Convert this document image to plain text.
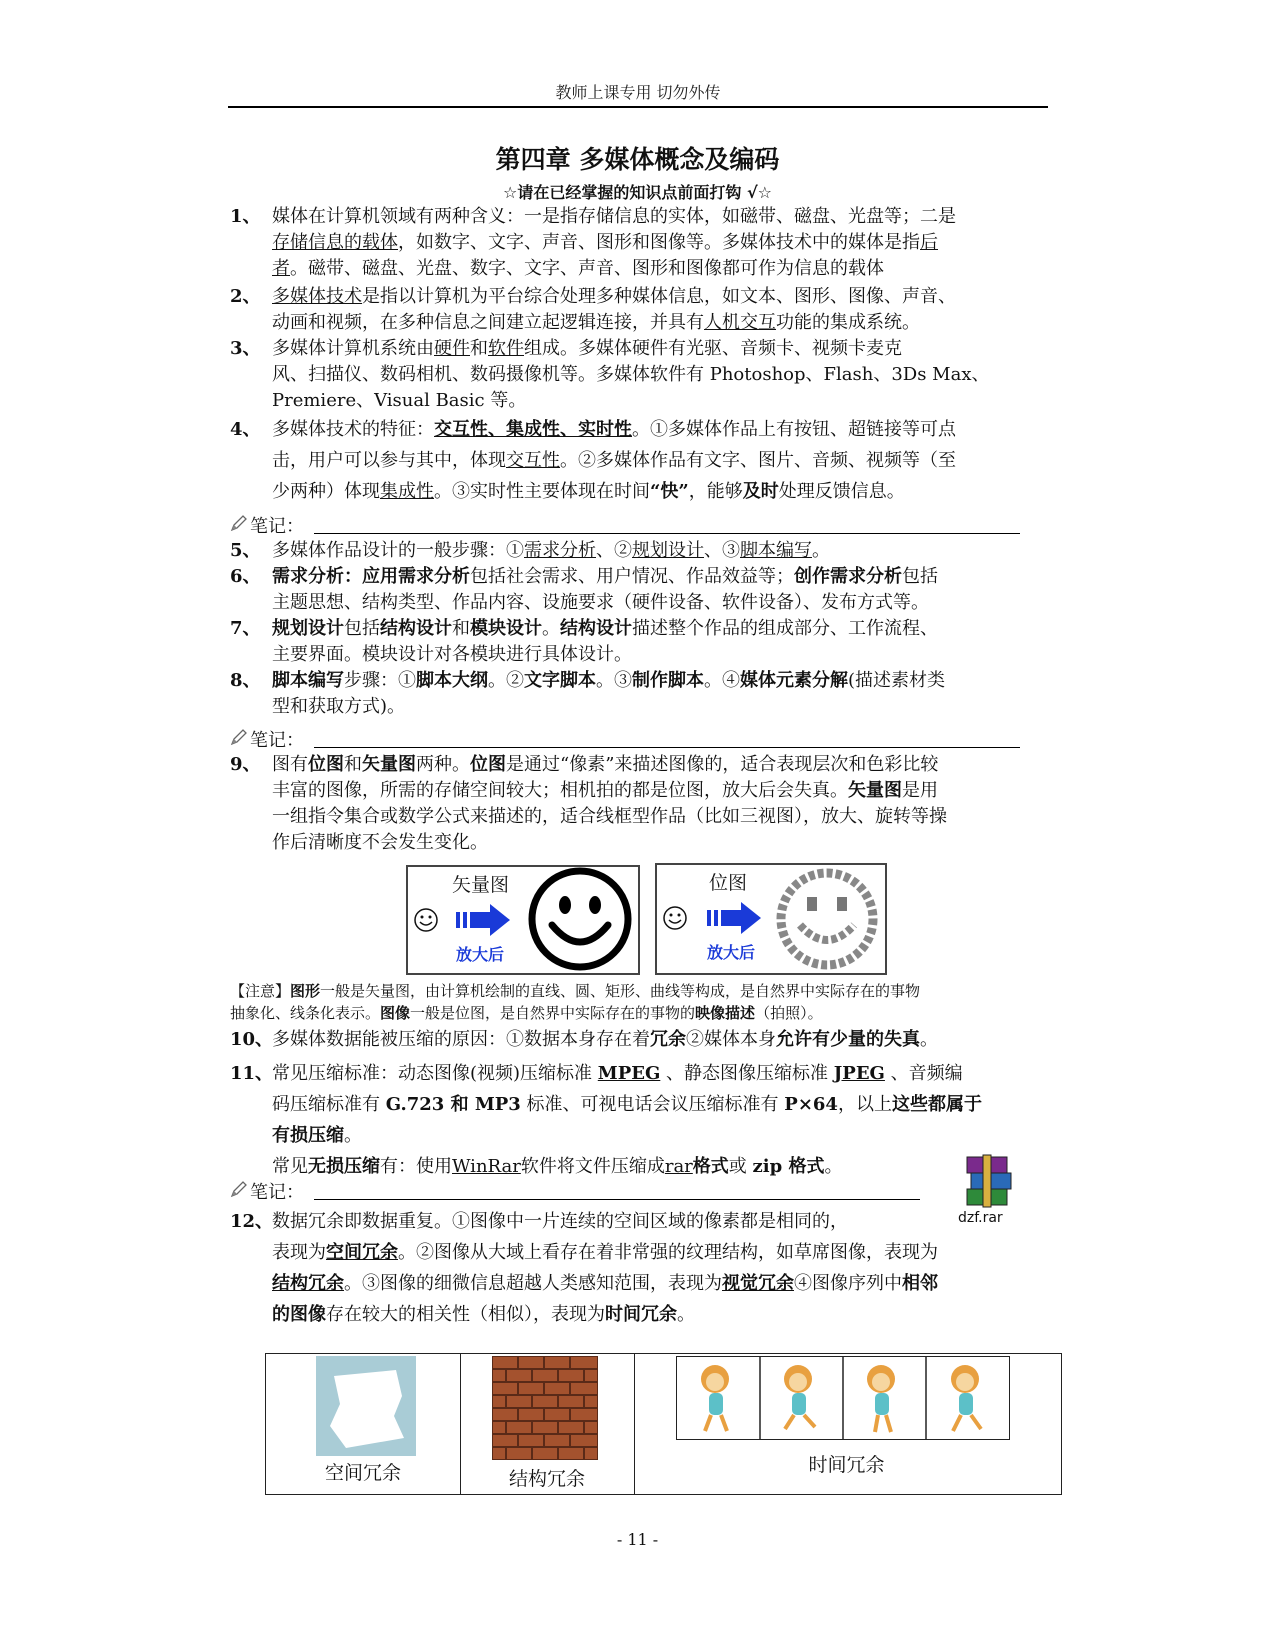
教师上课专用 切勿外传
第四章 多媒体概念及编码
☆请在已经掌握的知识点前面打钩 √☆
1、 媒体在计算机领域有两种含义：一是指存储信息的实体，如磁带、磁盘、光盘等；二是

存储信息的载体，如数字、文字、声音、图形和图像等。多媒体技术中的媒体是指后

者。磁带、磁盘、光盘、数字、文字、声音、图形和图像都可作为信息的载体

2、 多媒体技术是指以计算机为平台综合处理多种媒体信息，如文本、图形、图像、声音、

动画和视频，在多种信息之间建立起逻辑连接，并具有人机交互功能的集成系统。

3、 多媒体计算机系统由硬件和软件组成。多媒体硬件有光驱、音频卡、视频卡麦克

风、扫描仪、数码相机、数码摄像机等。多媒体软件有 Photoshop、Flash、3Ds Max、

Premiere、Visual Basic 等。

4、 多媒体技术的特征：交互性、集成性、实时性。①多媒体作品上有按钮、超链接等可点

击，用户可以参与其中，体现交互性。②多媒体作品有文字、图片、音频、视频等（至

少两种）体现集成性。③实时性主要体现在时间“快”，能够及时处理反馈信息。

笔记：
5、 多媒体作品设计的一般步骤：①需求分析、②规划设计、③脚本编写。

6、 需求分析：应用需求分析包括社会需求、用户情况、作品效益等；创作需求分析包括

主题思想、结构类型、作品内容、设施要求（硬件设备、软件设备）、发布方式等。

7、 规划设计包括结构设计和模块设计。结构设计描述整个作品的组成部分、工作流程、

主要界面。模块设计对各模块进行具体设计。

8、 脚本编写步骤：①脚本大纲。②文字脚本。③制作脚本。④媒体元素分解(描述素材类

型和获取方式)。

笔记：
9、 图有位图和矢量图两种。位图是通过“像素”来描述图像的，适合表现层次和色彩比较

丰富的图像，所需的存储空间较大；相机拍的都是位图，放大后会失真。矢量图是用

一组指令集合或数学公式来描述的，适合线框型作品（比如三视图），放大、旋转等操

作后清晰度不会发生变化。

矢量图
放大后
位图
放大后

【注意】图形一般是矢量图，由计算机绘制的直线、圆、矩形、曲线等构成，是自然界中实际存在的事物

抽象化、线条化表示。图像一般是位图，是自然界中实际存在的事物的映像描述（拍照）。

10、

多媒体数据能被压缩的原因：①数据本身存在着冗余②媒体本身允许有少量的失真。

11、

常见压缩标准：动态图像(视频)压缩标准 MPEG 、静态图像压缩标准 JPEG 、音频编

码压缩标准有 G.723 和 MP3 标准、可视电话会议压缩标准有 P×64，以上这些都属于

有损压缩。

常见无损压缩有：使用WinRar软件将文件压缩成rar格式或 zip 格式。

dzf.rar
笔记：
12、

数据冗余即数据重复。①图像中一片连续的空间区域的像素都是相同的，

表现为空间冗余。②图像从大域上看存在着非常强的纹理结构，如草席图像，表现为

结构冗余。③图像的细微信息超越人类感知范围，表现为视觉冗余④图像序列中相邻

的图像存在较大的相关性（相似），表现为时间冗余。

空间冗余	结构冗余
时间冗余
- 11 -
